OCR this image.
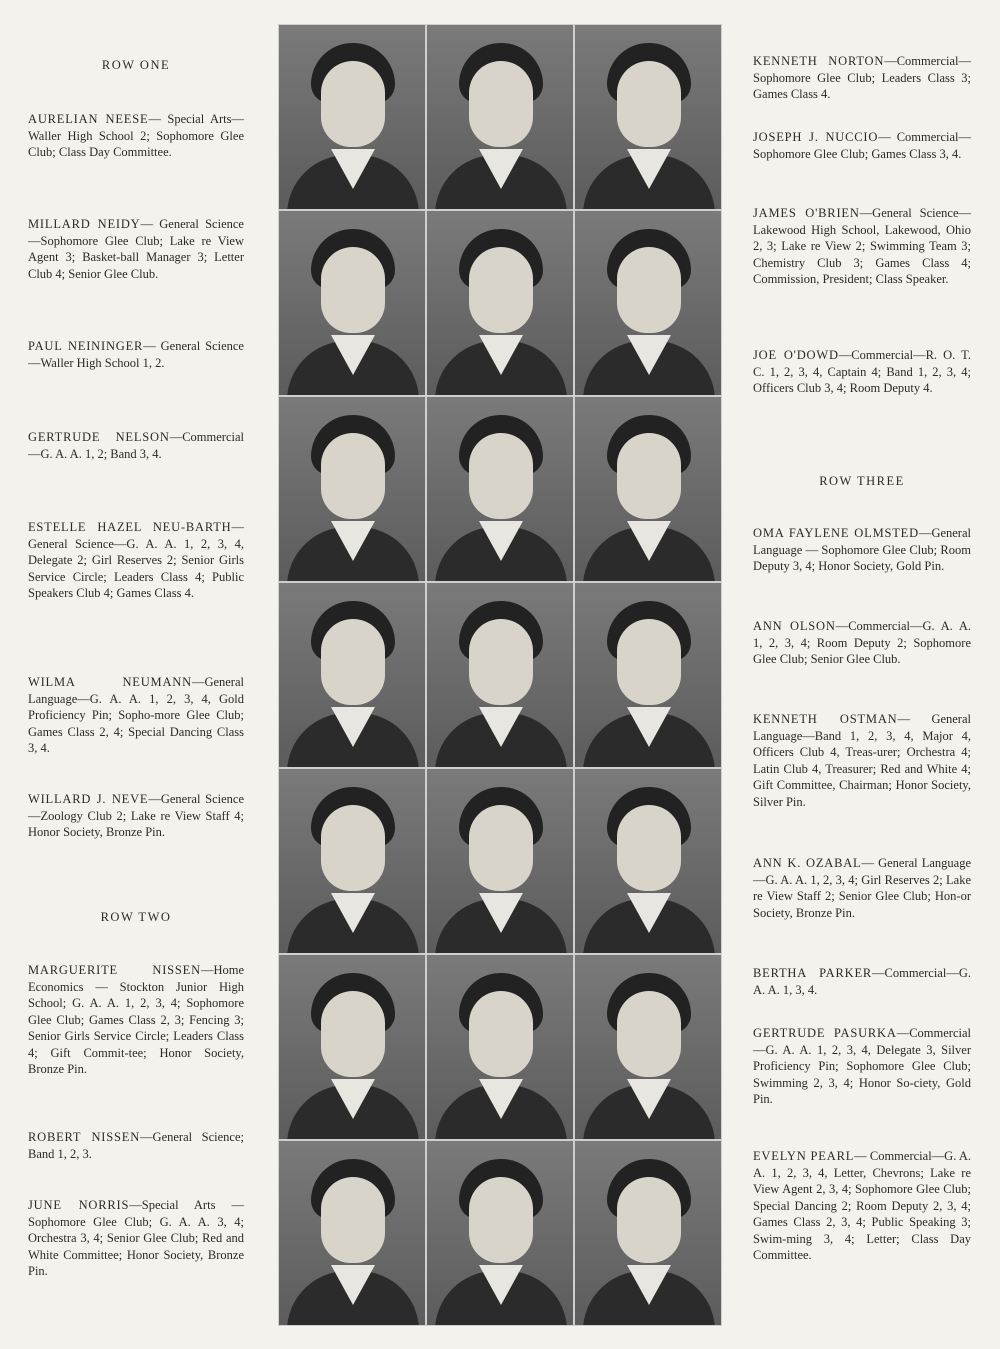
ROW ONE
AURELIAN NEESE— Special Arts—Waller High School 2; Sophomore Glee Club; Class Day Committee.
MILLARD NEIDY— General Science—Sophomore Glee Club; Lake re View Agent 3; Basket-ball Manager 3; Letter Club 4; Senior Glee Club.
PAUL NEININGER— General Science—Waller High School 1, 2.
GERTRUDE NELSON—Commercial—G. A. A. 1, 2; Band 3, 4.
ESTELLE HAZEL NEU-BARTH—General Science—G. A. A. 1, 2, 3, 4, Delegate 2; Girl Reserves 2; Senior Girls Service Circle; Leaders Class 4; Public Speakers Club 4; Games Class 4.
WILMA NEUMANN—General Language—G. A. A. 1, 2, 3, 4, Gold Proficiency Pin; Sopho-more Glee Club; Games Class 2, 4; Special Dancing Class 3, 4.
WILLARD J. NEVE—General Science—Zoology Club 2; Lake re View Staff 4; Honor Society, Bronze Pin.
ROW TWO
MARGUERITE NISSEN—Home Economics — Stockton Junior High School; G. A. A. 1, 2, 3, 4; Sophomore Glee Club; Games Class 2, 3; Fencing 3; Senior Girls Service Circle; Leaders Class 4; Gift Commit-tee; Honor Society, Bronze Pin.
ROBERT NISSEN—General Science; Band 1, 2, 3.
JUNE NORRIS—Special Arts —Sophomore Glee Club; G. A. A. 3, 4; Orchestra 3, 4; Senior Glee Club; Red and White Committee; Honor Society, Bronze Pin.
KENNETH NORTON—Commercial—Sophomore Glee Club; Leaders Class 3; Games Class 4.
JOSEPH J. NUCCIO— Commercial—Sophomore Glee Club; Games Class 3, 4.
JAMES O'BRIEN—General Science—Lakewood High School, Lakewood, Ohio 2, 3; Lake re View 2; Swimming Team 3; Chemistry Club 3; Games Class 4; Commission, President; Class Speaker.
JOE O'DOWD—Commercial—R. O. T. C. 1, 2, 3, 4, Captain 4; Band 1, 2, 3, 4; Officers Club 3, 4; Room Deputy 4.
ROW THREE
OMA FAYLENE OLMSTED—General Language — Sophomore Glee Club; Room Deputy 3, 4; Honor Society, Gold Pin.
ANN OLSON—Commercial—G. A. A. 1, 2, 3, 4; Room Deputy 2; Sophomore Glee Club; Senior Glee Club.
KENNETH OSTMAN— General Language—Band 1, 2, 3, 4, Major 4, Officers Club 4, Treas-urer; Orchestra 4; Latin Club 4, Treasurer; Red and White 4; Gift Committee, Chairman; Honor Society, Silver Pin.
ANN K. OZABAL— General Language—G. A. A. 1, 2, 3, 4; Girl Reserves 2; Lake re View Staff 2; Senior Glee Club; Hon-or Society, Bronze Pin.
BERTHA PARKER—Commercial—G. A. A. 1, 3, 4.
GERTRUDE PASURKA—Commercial—G. A. A. 1, 2, 3, 4, Delegate 3, Silver Proficiency Pin; Sophomore Glee Club; Swimming 2, 3, 4; Honor So-ciety, Gold Pin.
EVELYN PEARL— Commercial—G. A. A. 1, 2, 3, 4, Letter, Chevrons; Lake re View Agent 2, 3, 4; Sophomore Glee Club; Special Dancing 2; Room Deputy 2, 3, 4; Games Class 2, 3, 4; Public Speaking 3; Swim-ming 3, 4; Letter; Class Day Committee.
